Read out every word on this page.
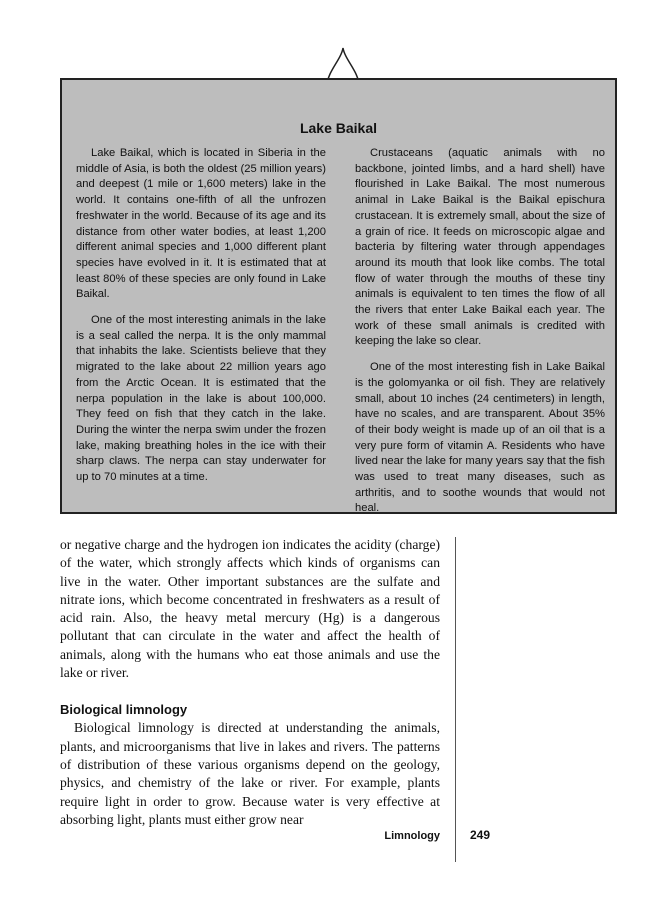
Lake Baikal

Lake Baikal, which is located in Siberia in the middle of Asia, is both the oldest (25 million years) and deepest (1 mile or 1,600 meters) lake in the world. It contains one-fifth of all the unfrozen freshwater in the world. Because of its age and its distance from other water bodies, at least 1,200 different animal species and 1,000 different plant species have evolved in it. It is estimated that at least 80% of these species are only found in Lake Baikal.

One of the most interesting animals in the lake is a seal called the nerpa. It is the only mammal that inhabits the lake. Scientists believe that they migrated to the lake about 22 million years ago from the Arctic Ocean. It is estimated that the nerpa population in the lake is about 100,000. They feed on fish that they catch in the lake. During the winter the nerpa swim under the frozen lake, making breathing holes in the ice with their sharp claws. The nerpa can stay underwater for up to 70 minutes at a time.

Crustaceans (aquatic animals with no backbone, jointed limbs, and a hard shell) have flourished in Lake Baikal. The most numerous animal in Lake Baikal is the Baikal epischura crustacean. It is extremely small, about the size of a grain of rice. It feeds on microscopic algae and bacteria by filtering water through appendages around its mouth that look like combs. The total flow of water through the mouths of these tiny animals is equivalent to ten times the flow of all the rivers that enter Lake Baikal each year. The work of these small animals is credited with keeping the lake so clear.

One of the most interesting fish in Lake Baikal is the golomyanka or oil fish. They are relatively small, about 10 inches (24 centimeters) in length, have no scales, and are transparent. About 35% of their body weight is made up of an oil that is a very pure form of vitamin A. Residents who have lived near the lake for many years say that the fish was used to treat many diseases, such as arthritis, and to soothe wounds that would not heal.

or negative charge and the hydrogen ion indicates the acidity (charge) of the water, which strongly affects which kinds of organisms can live in the water. Other important substances are the sulfate and nitrate ions, which become concentrated in freshwaters as a result of acid rain. Also, the heavy metal mercury (Hg) is a dangerous pollutant that can circulate in the water and affect the health of animals, along with the humans who eat those animals and use the lake or river.

Biological limnology

Biological limnology is directed at understanding the animals, plants, and microorganisms that live in lakes and rivers. The patterns of distribution of these various organisms depend on the geology, physics, and chemistry of the lake or river. For example, plants require light in order to grow. Because water is very effective at absorbing light, plants must either grow near

Limnology	249
